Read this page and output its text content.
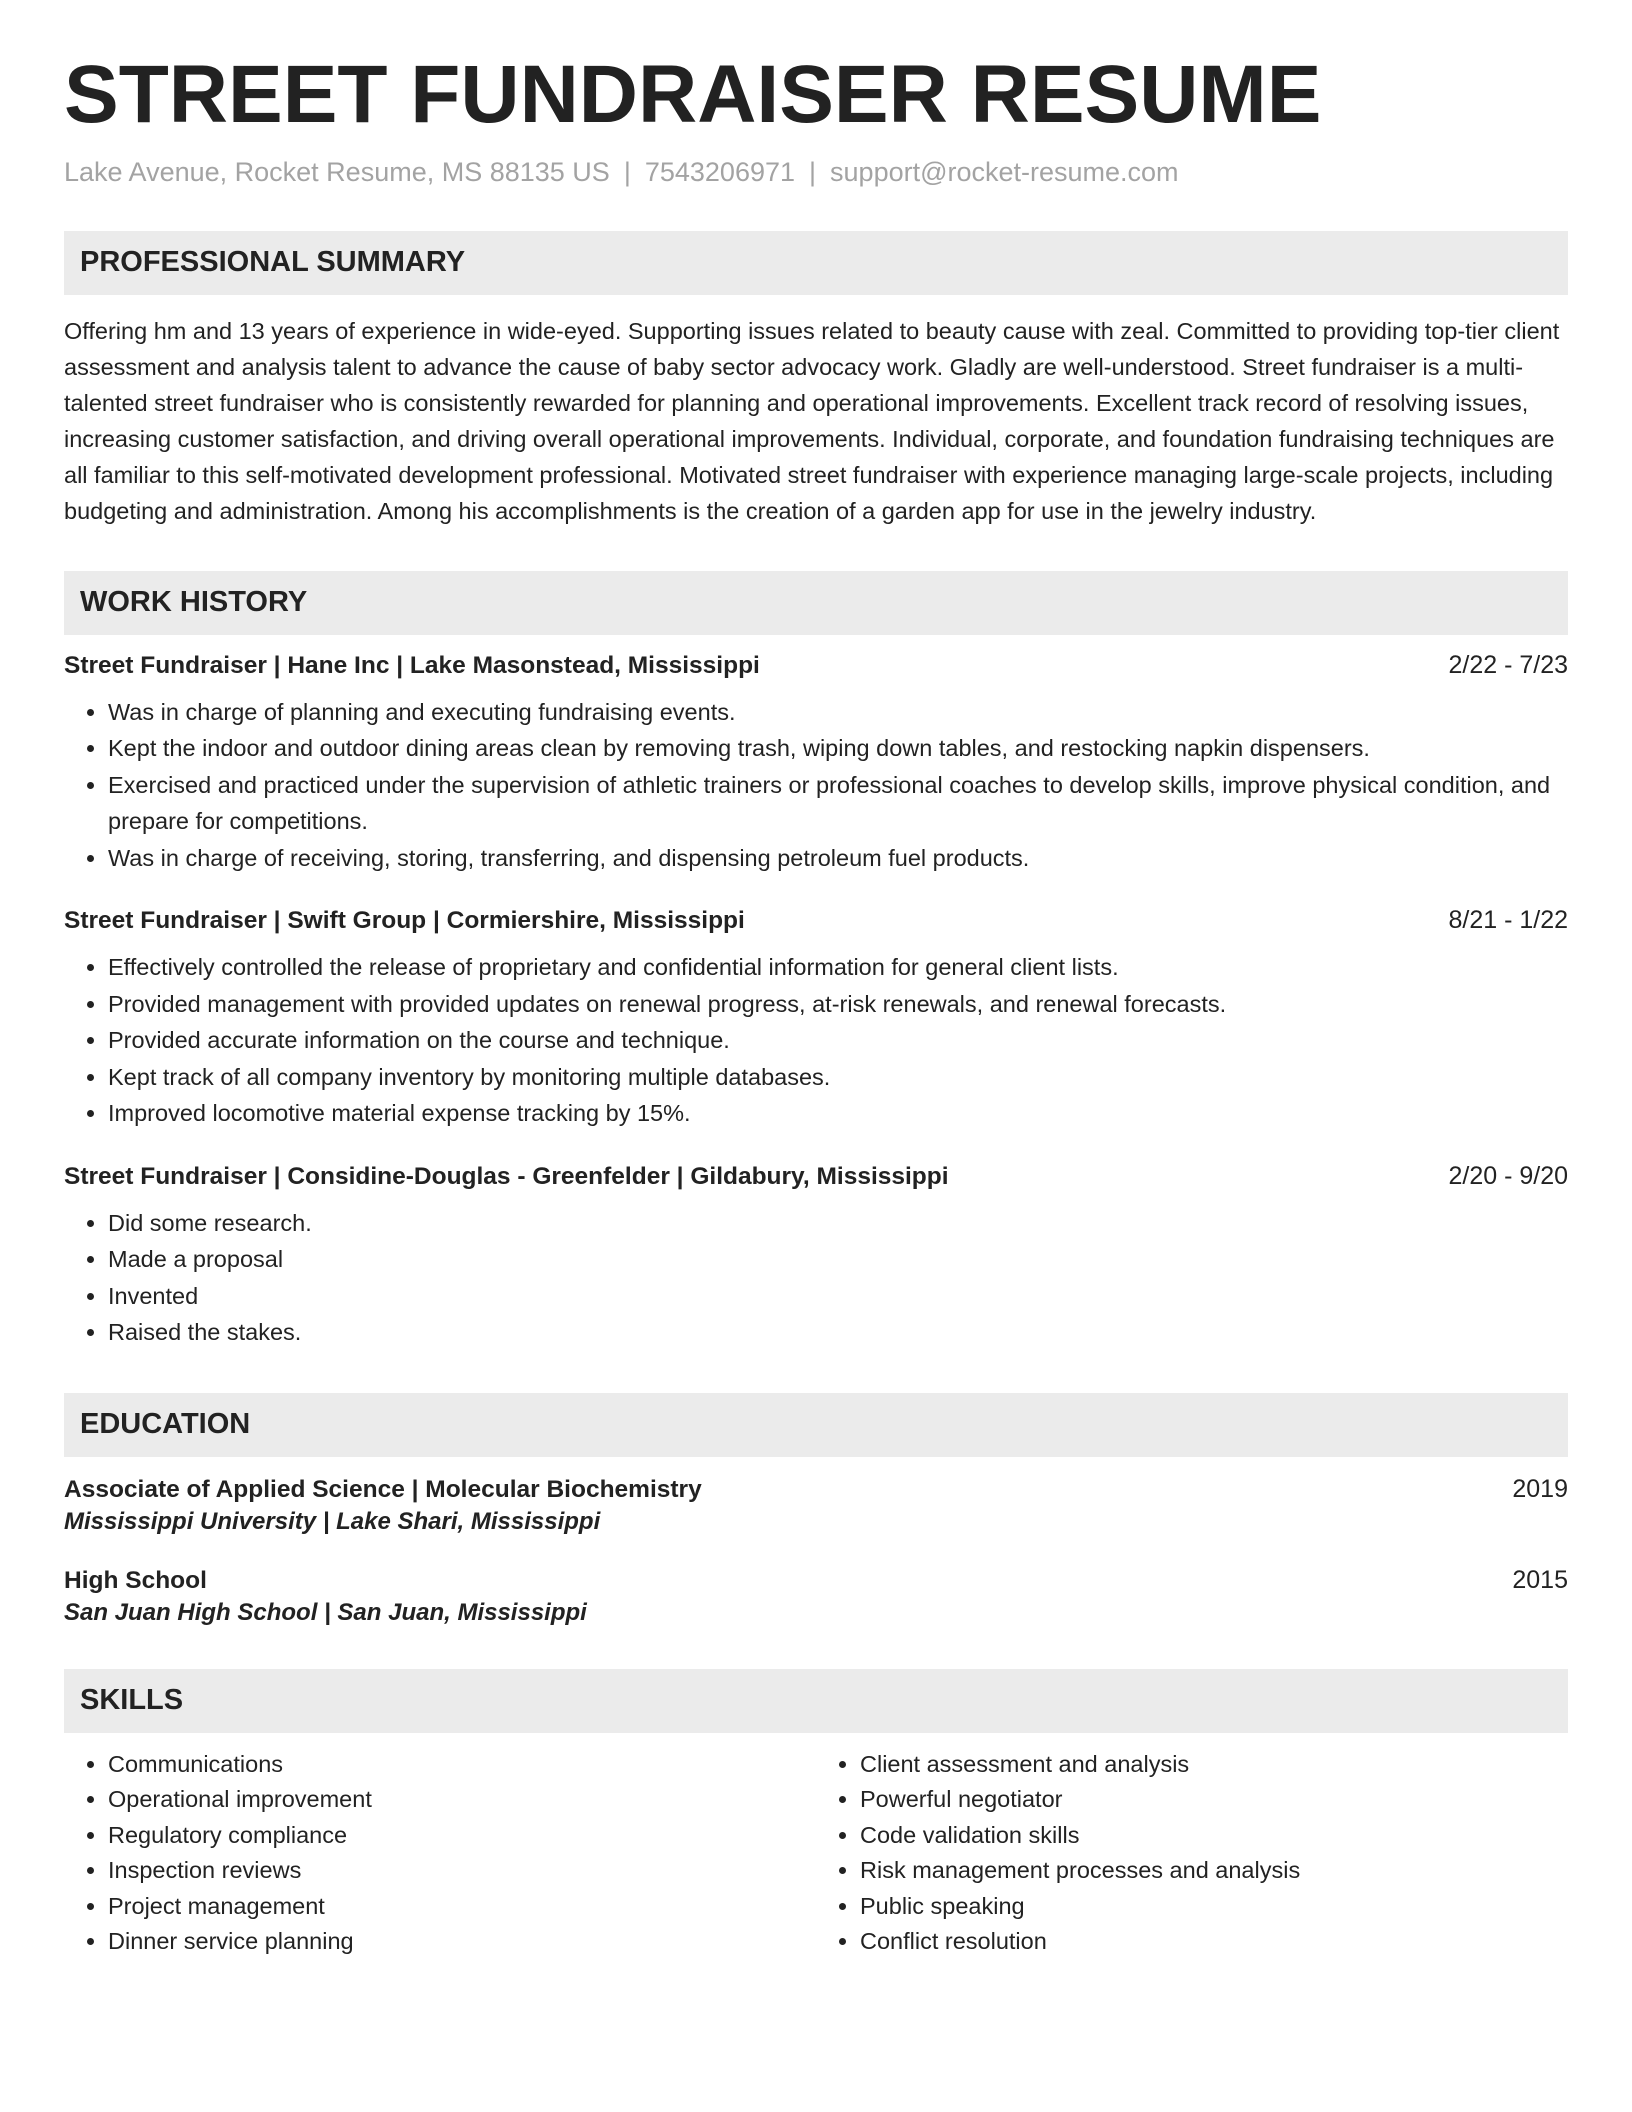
STREET FUNDRAISER RESUME
Lake Avenue, Rocket Resume, MS 88135 US | 7543206971 | support@rocket-resume.com
PROFESSIONAL SUMMARY
Offering hm and 13 years of experience in wide-eyed. Supporting issues related to beauty cause with zeal. Committed to providing top-tier client assessment and analysis talent to advance the cause of baby sector advocacy work. Gladly are well-understood. Street fundraiser is a multi-talented street fundraiser who is consistently rewarded for planning and operational improvements. Excellent track record of resolving issues, increasing customer satisfaction, and driving overall operational improvements. Individual, corporate, and foundation fundraising techniques are all familiar to this self-motivated development professional. Motivated street fundraiser with experience managing large-scale projects, including budgeting and administration. Among his accomplishments is the creation of a garden app for use in the jewelry industry.
WORK HISTORY
Street Fundraiser | Hane Inc | Lake Masonstead, Mississippi	2/22 - 7/23
• Was in charge of planning and executing fundraising events.
• Kept the indoor and outdoor dining areas clean by removing trash, wiping down tables, and restocking napkin dispensers.
• Exercised and practiced under the supervision of athletic trainers or professional coaches to develop skills, improve physical condition, and prepare for competitions.
• Was in charge of receiving, storing, transferring, and dispensing petroleum fuel products.
Street Fundraiser | Swift Group | Cormiershire, Mississippi	8/21 - 1/22
• Effectively controlled the release of proprietary and confidential information for general client lists.
• Provided management with provided updates on renewal progress, at-risk renewals, and renewal forecasts.
• Provided accurate information on the course and technique.
• Kept track of all company inventory by monitoring multiple databases.
• Improved locomotive material expense tracking by 15%.
Street Fundraiser | Considine-Douglas - Greenfelder | Gildabury, Mississippi	2/20 - 9/20
• Did some research.
• Made a proposal
• Invented
• Raised the stakes.
EDUCATION
Associate of Applied Science | Molecular Biochemistry	2019
Mississippi University | Lake Shari, Mississippi
High School	2015
San Juan High School | San Juan, Mississippi
SKILLS
• Communications
• Operational improvement
• Regulatory compliance
• Inspection reviews
• Project management
• Dinner service planning
• Client assessment and analysis
• Powerful negotiator
• Code validation skills
• Risk management processes and analysis
• Public speaking
• Conflict resolution
